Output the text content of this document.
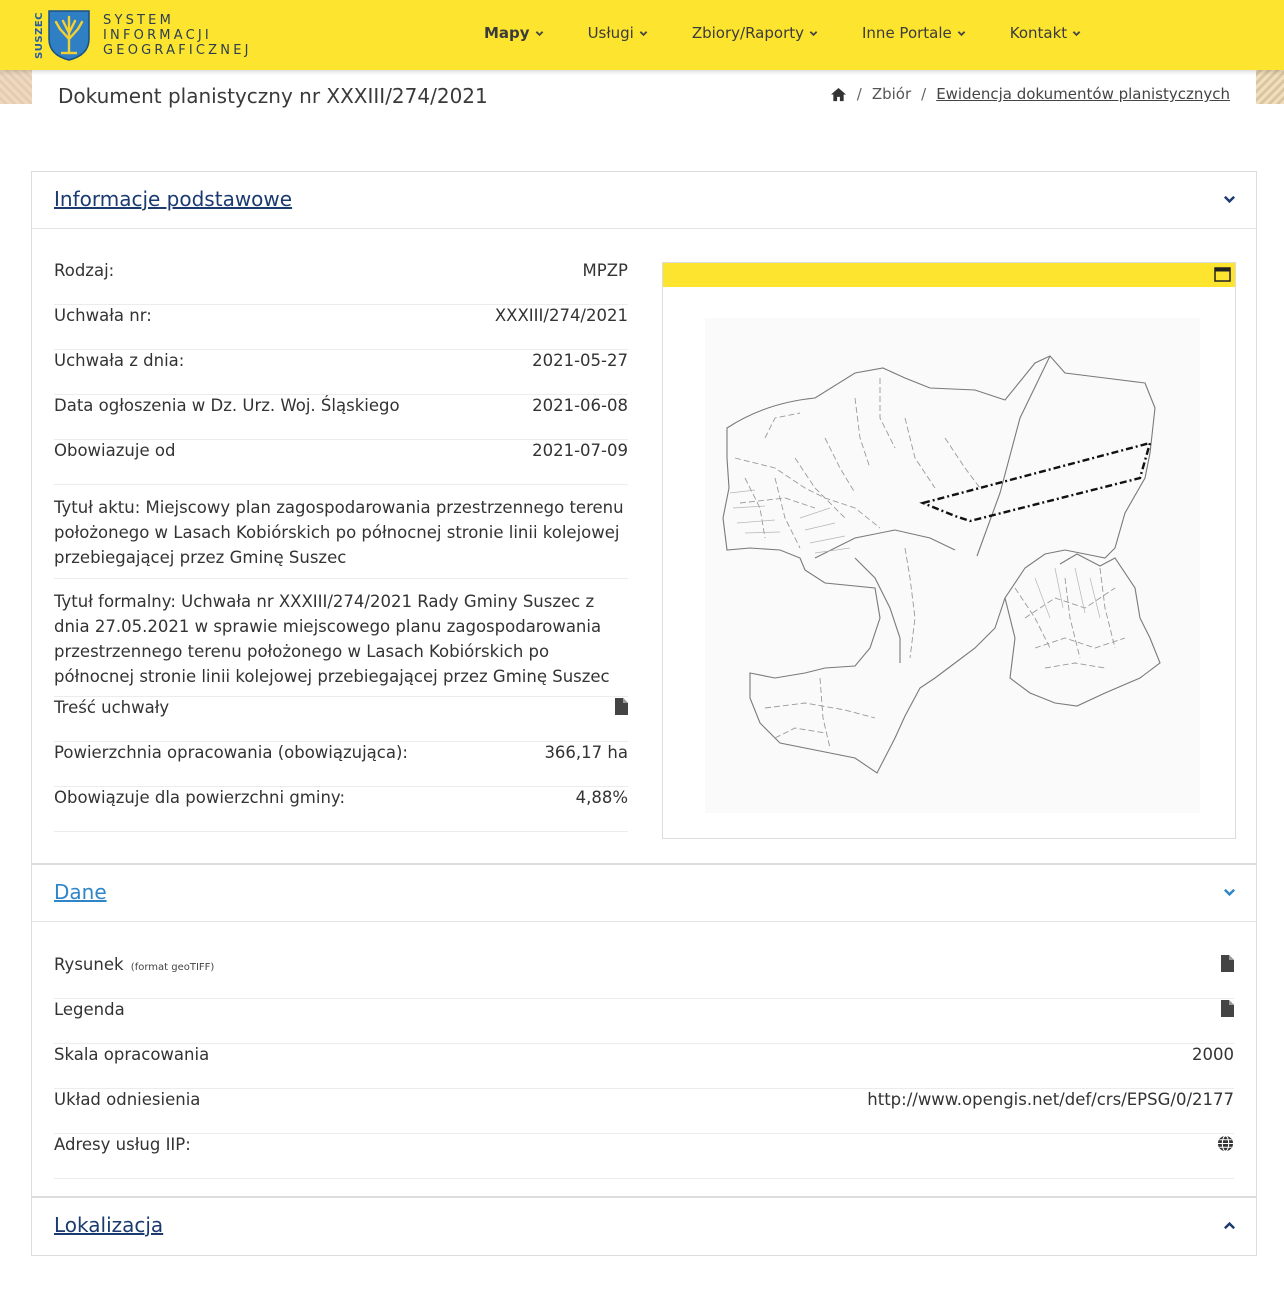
SUSZEC	SYSTEM
INFORMACJI
GEOGRAFICZNEJ
Mapy	Usługi	Zbiory/Raporty	Inne Portale	Kontakt
Dokument planistyczny nr XXXIII/274/2021	/ Zbiór / Ewidencja dokumentów planistycznych
Informacje podstawowe
Rodzaj:	MPZP
Uchwała nr:	XXXIII/274/2021
Uchwała z dnia:	2021-05-27
Data ogłoszenia w Dz. Urz. Woj. Śląskiego	2021-06-08
Obowiazuje od	2021-07-09
Tytuł aktu: Miejscowy plan zagospodarowania przestrzennego terenu położonego w Lasach Kobiórskich po północnej stronie linii kolejowej przebiegającej przez Gminę Suszec
Tytuł formalny: Uchwała nr XXXIII/274/2021 Rady Gminy Suszec z dnia 27.05.2021 w sprawie miejscowego planu zagospodarowania przestrzennego terenu położonego w Lasach Kobiórskich po północnej stronie linii kolejowej przebiegającej przez Gminę Suszec
Treść uchwały
Powierzchnia opracowania (obowiązująca):	366,17 ha
Obowiązuje dla powierzchni gminy:	4,88%
Dane
Rysunek (format geoTIFF)
Legenda
Skala opracowania	2000
Układ odniesienia	http://www.opengis.net/def/crs/EPSG/0/2177
Adresy usług IIP:
Lokalizacja
